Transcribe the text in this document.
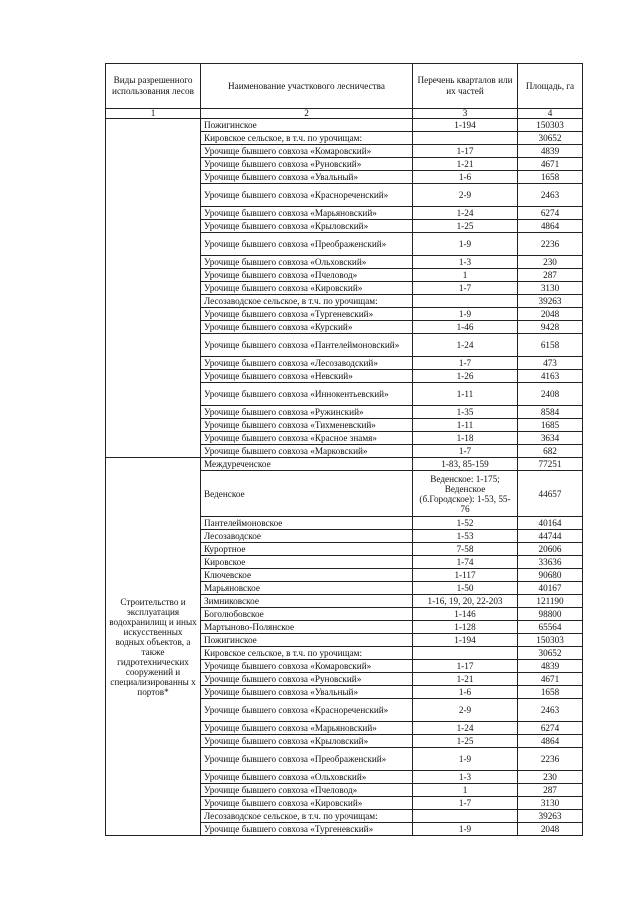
Виды разрешенного использования лесов	Наименование участкового лесничества	Перечень кварталов или их частей	Площадь, га
1	2	3	4
	Пожигинское	1-194	150303
	Кировское сельское, в т.ч. по урочищам:		30652
	Урочище бывшего совхоза «Комаровский»	1-17	4839
	Урочище бывшего совхоза «Руновский»	1-21	4671
	Урочище бывшего совхоза «Увальный»	1-6	1658
	Урочище бывшего совхоза «Краснореченский»	2-9	2463
	Урочище бывшего совхоза «Марьяновский»	1-24	6274
	Урочище бывшего совхоза «Крыловский»	1-25	4864
	Урочище бывшего совхоза «Преображенский»	1-9	2236
	Урочище бывшего совхоза «Ольховский»	1-3	230
	Урочище бывшего совхоза «Пчеловод»	1	287
	Урочище бывшего совхоза «Кировский»	1-7	3130
	Лесозаводское сельское, в т.ч. по урочищам:		39263
	Урочище бывшего совхоза «Тургеневский»	1-9	2048
	Урочище бывшего совхоза «Курский»	1-46	9428
	Урочище бывшего совхоза «Пантелеймоновский»	1-24	6158
	Урочище бывшего совхоза «Лесозаводский»	1-7	473
	Урочище бывшего совхоза «Невский»	1-26	4163
	Урочище бывшего совхоза «Иннокентьевский»	1-11	2408
	Урочище бывшего совхоза «Ружинский»	1-35	8584
	Урочище бывшего совхоза «Тихменевский»	1-11	1685
	Урочище бывшего совхоза «Красное знамя»	1-18	3634
	Урочище бывшего совхоза «Марковский»	1-7	682
Строительство и эксплуатация водохранилищ и иных искусственных водных объектов, а также гидротехнических сооружений и специализированны х портов*	Междуреченское	1-83, 85-159	77251
	Веденское	Веденское: 1-175; Веденское (б.Городское): 1-53, 55-76	44657
	Пантелеймоновское	1-52	40164
	Лесозаводское	1-53	44744
	Курортное	7-58	20606
	Кировское	1-74	33636
	Ключевское	1-117	90680
	Марьяновское	1-50	40167
	Зимниковское	1-16, 19, 20, 22-203	121190
	Боголюбовское	1-146	98800
	Мартыново-Полянское	1-128	65564
	Пожигинское	1-194	150303
	Кировское сельское, в т.ч. по урочищам:		30652
	Урочище бывшего совхоза «Комаровский»	1-17	4839
	Урочище бывшего совхоза «Руновский»	1-21	4671
	Урочище бывшего совхоза «Увальный»	1-6	1658
	Урочище бывшего совхоза «Краснореченский»	2-9	2463
	Урочище бывшего совхоза «Марьяновский»	1-24	6274
	Урочище бывшего совхоза «Крыловский»	1-25	4864
	Урочище бывшего совхоза «Преображенский»	1-9	2236
	Урочище бывшего совхоза «Ольховский»	1-3	230
	Урочище бывшего совхоза «Пчеловод»	1	287
	Урочище бывшего совхоза «Кировский»	1-7	3130
	Лесозаводское сельское, в т.ч. по урочищам:		39263
	Урочище бывшего совхоза «Тургеневский»	1-9	2048
